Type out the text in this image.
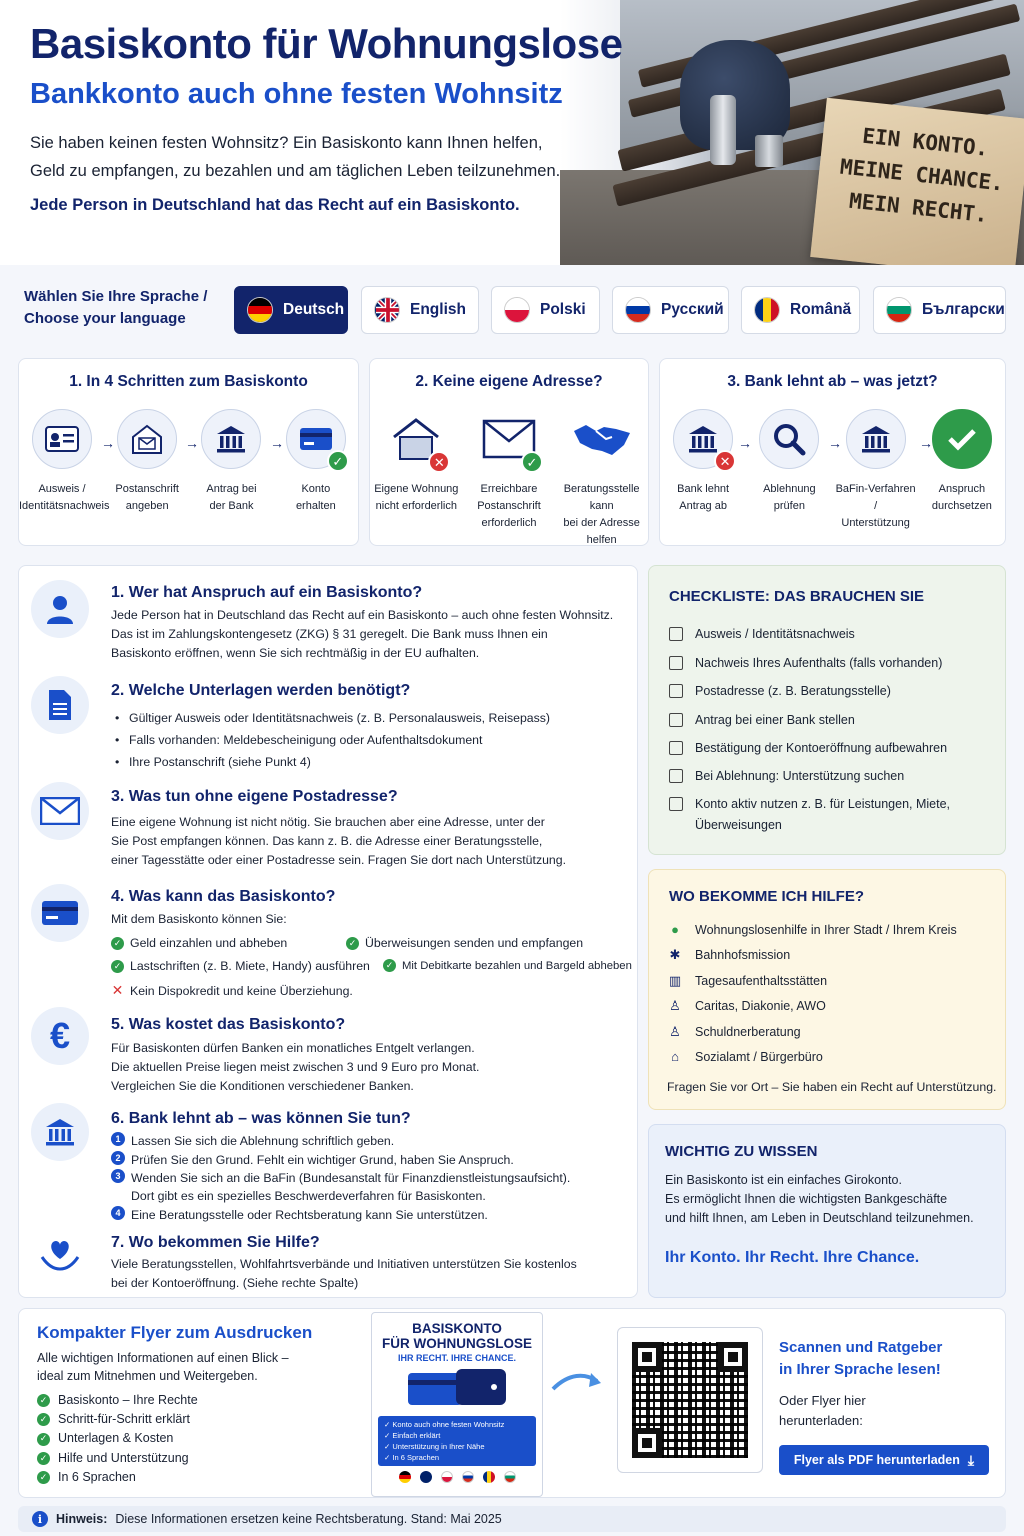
EIN KONTO.
MEINE CHANCE.
MEIN RECHT.
Basiskonto für Wohnungslose
Bankkonto auch ohne festen Wohnsitz
Sie haben keinen festen Wohnsitz? Ein Basiskonto kann Ihnen helfen,
Geld zu empfangen, zu bezahlen und am täglichen Leben teilzunehmen.
Jede Person in Deutschland hat das Recht auf ein Basiskonto.
Wählen Sie Ihre Sprache /
Choose your language
Deutsch	English	Polski	Русский	Română	Български
1. In 4 Schritten zum Basiskonto
Ausweis /
Identitätsnachweis
Postanschrift
angeben
Antrag bei
der Bank
✓
Konto
erhalten
→	→	→
2. Keine eigene Adresse?
✕
Eigene Wohnung
nicht erforderlich
✓
Erreichbare
Postanschrift
erforderlich
Beratungsstelle kann
bei der Adresse
helfen
3. Bank lehnt ab – was jetzt?
✕
Bank lehnt
Antrag ab
Ablehnung
prüfen
BaFin-Verfahren /
Unterstützung
Anspruch
durchsetzen
→	→	→
1. Wer hat Anspruch auf ein Basiskonto?
Jede Person hat in Deutschland das Recht auf ein Basiskonto – auch ohne festen Wohnsitz.
Das ist im Zahlungskontengesetz (ZKG) § 31 geregelt. Die Bank muss Ihnen ein
Basiskonto eröffnen, wenn Sie sich rechtmäßig in der EU aufhalten.
2. Welche Unterlagen werden benötigt?
• Gültiger Ausweis oder Identitätsnachweis (z. B. Personalausweis, Reisepass)
• Falls vorhanden: Meldebescheinigung oder Aufenthaltsdokument
• Ihre Postanschrift (siehe Punkt 4)
3. Was tun ohne eigene Postadresse?
Eine eigene Wohnung ist nicht nötig. Sie brauchen aber eine Adresse, unter der
Sie Post empfangen können. Das kann z. B. die Adresse einer Beratungsstelle,
einer Tagesstätte oder einer Postadresse sein. Fragen Sie dort nach Unterstützung.
4. Was kann das Basiskonto?
Mit dem Basiskonto können Sie:
✓ Geld einzahlen und abheben	✓ Überweisungen senden und empfangen
✓ Lastschriften (z. B. Miete, Handy) ausführen	✓ Mit Debitkarte bezahlen und Bargeld abheben
✕ Kein Dispokredit und keine Überziehung.
€	5. Was kostet das Basiskonto?
Für Basiskonten dürfen Banken ein monatliches Entgelt verlangen.
Die aktuellen Preise liegen meist zwischen 3 und 9 Euro pro Monat.
Vergleichen Sie die Konditionen verschiedener Banken.
6. Bank lehnt ab – was können Sie tun?
1 Lassen Sie sich die Ablehnung schriftlich geben.
2 Prüfen Sie den Grund. Fehlt ein wichtiger Grund, haben Sie Anspruch.
3 Wenden Sie sich an die BaFin (Bundesanstalt für Finanzdienstleistungsaufsicht).
Dort gibt es ein spezielles Beschwerdeverfahren für Basiskonten.
4 Eine Beratungsstelle oder Rechtsberatung kann Sie unterstützen.
7. Wo bekommen Sie Hilfe?
Viele Beratungsstellen, Wohlfahrtsverbände und Initiativen unterstützen Sie kostenlos
bei der Kontoeröffnung. (Siehe rechte Spalte)
CHECKLISTE: DAS BRAUCHEN SIE
Ausweis / Identitätsnachweis
Nachweis Ihres Aufenthalts (falls vorhanden)
Postadresse (z. B. Beratungsstelle)
Antrag bei einer Bank stellen
Bestätigung der Kontoeröffnung aufbewahren
Bei Ablehnung: Unterstützung suchen
Konto aktiv nutzen z. B. für Leistungen, Miete,
Überweisungen
WO BEKOMME ICH HILFE?
●	Wohnungslosenhilfe in Ihrer Stadt / Ihrem Kreis
✱ Bahnhofsmission
▥ Tagesaufenthaltsstätten
♙ Caritas, Diakonie, AWO
♙ Schuldnerberatung
⌂	Sozialamt / Bürgerbüro
Fragen Sie vor Ort – Sie haben ein Recht auf Unterstützung.
WICHTIG ZU WISSEN
Ein Basiskonto ist ein einfaches Girokonto.
Es ermöglicht Ihnen die wichtigsten Bankgeschäfte
und hilft Ihnen, am Leben in Deutschland teilzunehmen.
Ihr Konto. Ihr Recht. Ihre Chance.
Kompakter Flyer zum Ausdrucken
Alle wichtigen Informationen auf einen Blick –
ideal zum Mitnehmen und Weitergeben.
✓ Basiskonto – Ihre Rechte
✓ Schritt-für-Schritt erklärt
✓ Unterlagen & Kosten
✓ Hilfe und Unterstützung
✓ In 6 Sprachen
BASISKONTO
FÜR WOHNUNGSLOSE
IHR RECHT. IHRE CHANCE.
✓ Konto auch ohne festen Wohnsitz
✓ Einfach erklärt
✓ Unterstützung in Ihrer Nähe
✓ In 6 Sprachen
Scannen und Ratgeber
in Ihrer Sprache lesen!
Oder Flyer hier
herunterladen:
Flyer als PDF herunterladen ⤓
i	Hinweis: Diese Informationen ersetzen keine Rechtsberatung. Stand: Mai 2025
